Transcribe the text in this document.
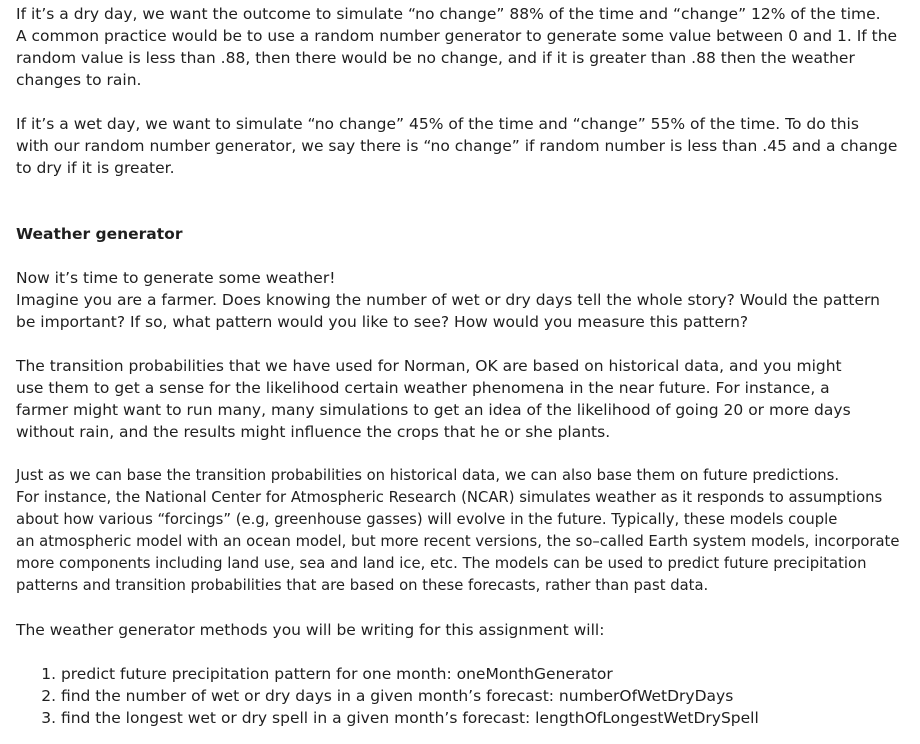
If it’s a dry day, we want the outcome to simulate “no change” 88% of the time and “change” 12% of the time.
A common practice would be to use a random number generator to generate some value between 0 and 1. If the
random value is less than .88, then there would be no change, and if it is greater than .88 then the weather
changes to rain.

If it’s a wet day, we want to simulate “no change” 45% of the time and “change” 55% of the time. To do this
with our random number generator, we say there is “no change” if random number is less than .45 and a change
to dry if it is greater.

Weather generator

Now it’s time to generate some weather!
Imagine you are a farmer. Does knowing the number of wet or dry days tell the whole story? Would the pattern
be important? If so, what pattern would you like to see? How would you measure this pattern?

The transition probabilities that we have used for Norman, OK are based on historical data, and you might
use them to get a sense for the likelihood certain weather phenomena in the near future. For instance, a
farmer might want to run many, many simulations to get an idea of the likelihood of going 20 or more days
without rain, and the results might influence the crops that he or she plants.

Just as we can base the transition probabilities on historical data, we can also base them on future predictions.
For instance, the National Center for Atmospheric Research (NCAR) simulates weather as it responds to assumptions
about how various “forcings” (e.g, greenhouse gasses) will evolve in the future. Typically, these models couple
an atmospheric model with an ocean model, but more recent versions, the so–called Earth system models, incorporate
more components including land use, sea and land ice, etc. The models can be used to predict future precipitation
patterns and transition probabilities that are based on these forecasts, rather than past data.

The weather generator methods you will be writing for this assignment will:

1. predict future precipitation pattern for one month: oneMonthGenerator
2. find the number of wet or dry days in a given month’s forecast: numberOfWetDryDays
3. find the longest wet or dry spell in a given month’s forecast: lengthOfLongestWetDrySpell
